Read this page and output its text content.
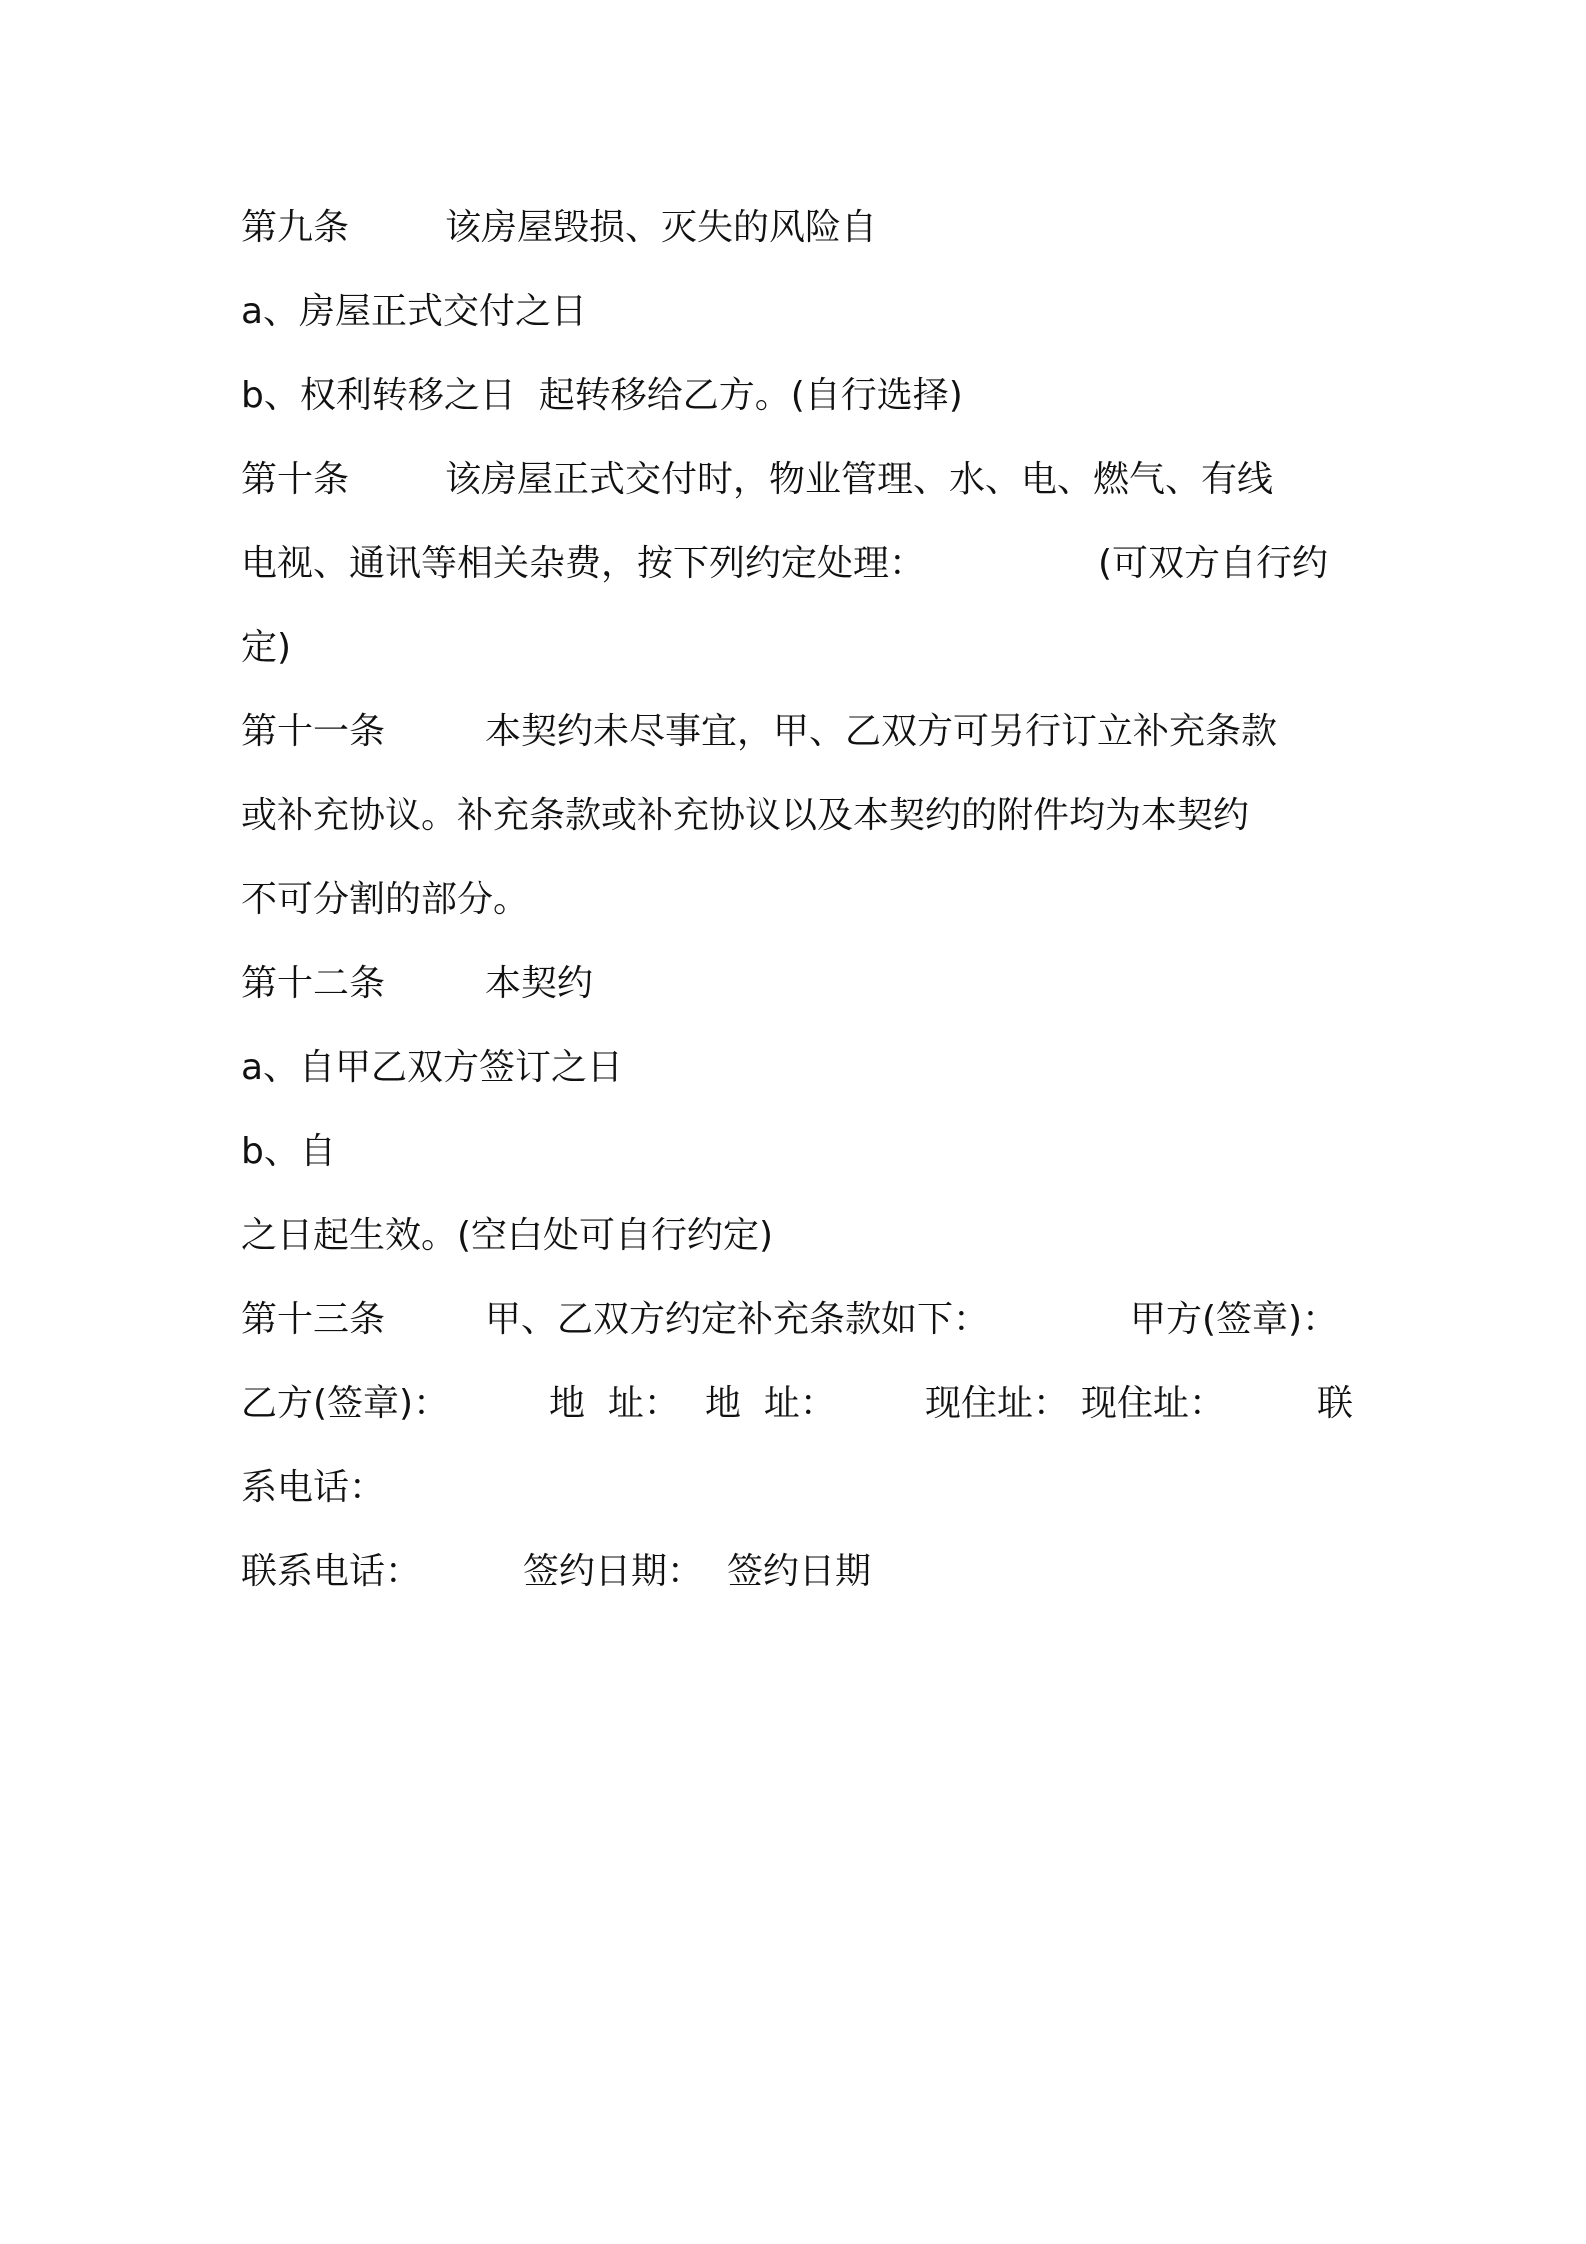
第九条	该房屋毁损、灭失的风险自
a、房屋正式交付之日
b、权利转移之日  起转移给乙方。(自行选择)
第十条	该房屋正式交付时，物业管理、水、电、燃气、有线
电视、通讯等相关杂费，按下列约定处理：	(可双方自行约
定)
第十一条	本契约未尽事宜，甲、乙双方可另行订立补充条款
或补充协议。补充条款或补充协议以及本契约的附件均为本契约
不可分割的部分。
第十二条	本契约
a、自甲乙双方签订之日
b、自
之日起生效。(空白处可自行约定)
第十三条	甲、乙双方约定补充条款如下：	甲方(签章)：
乙方(签章)：	地  址： 地  址： 现住址： 现住址：	联
系电话：
联系电话：	签约日期： 签约日期
